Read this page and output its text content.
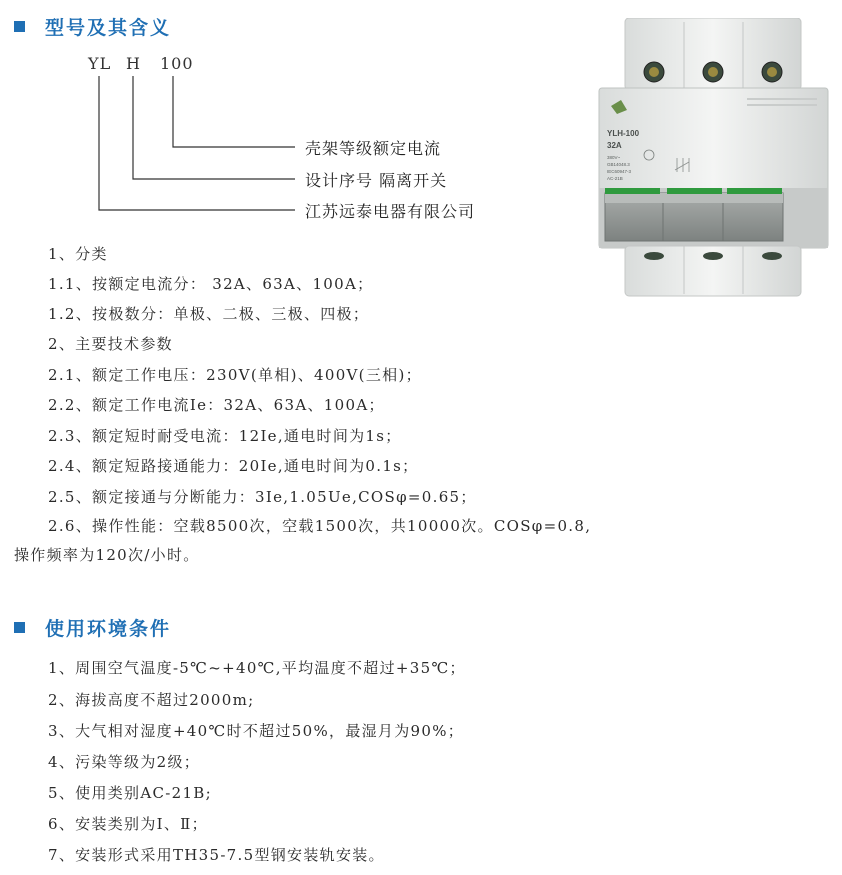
型号及其含义
YL H 100
壳架等级额定电流
设计序号 隔离开关
江苏远泰电器有限公司
1、分类
1.1、按额定电流分： 32A、63A、100A；
1.2、按极数分：单极、二极、三极、四极；
2、主要技术参数
2.1、额定工作电压：230V(单相)、400V(三相)；
2.2、额定工作电流Ie：32A、63A、100A；
2.3、额定短时耐受电流：12Ie,通电时间为1s；
2.4、额定短路接通能力：20Ie,通电时间为0.1s；
2.5、额定接通与分断能力：3Ie,1.05Ue,COSφ=0.65；
2.6、操作性能：空载8500次，空载1500次，共10000次。COSφ=0.8,
操作频率为120次/小时。
使用环境条件
1、周围空气温度-5℃~+40℃,平均温度不超过+35℃；
2、海拔高度不超过2000m;
3、大气相对湿度+40℃时不超过50%，最湿月为90%；
4、污染等级为2级；
5、使用类别AC-21B;
6、安装类别为Ⅰ、Ⅱ；
7、安装形式采用TH35-7.5型钢安装轨安装。
YLH-100
32A
380V~
GB14048.3
IEC60947-3
AC-21B
